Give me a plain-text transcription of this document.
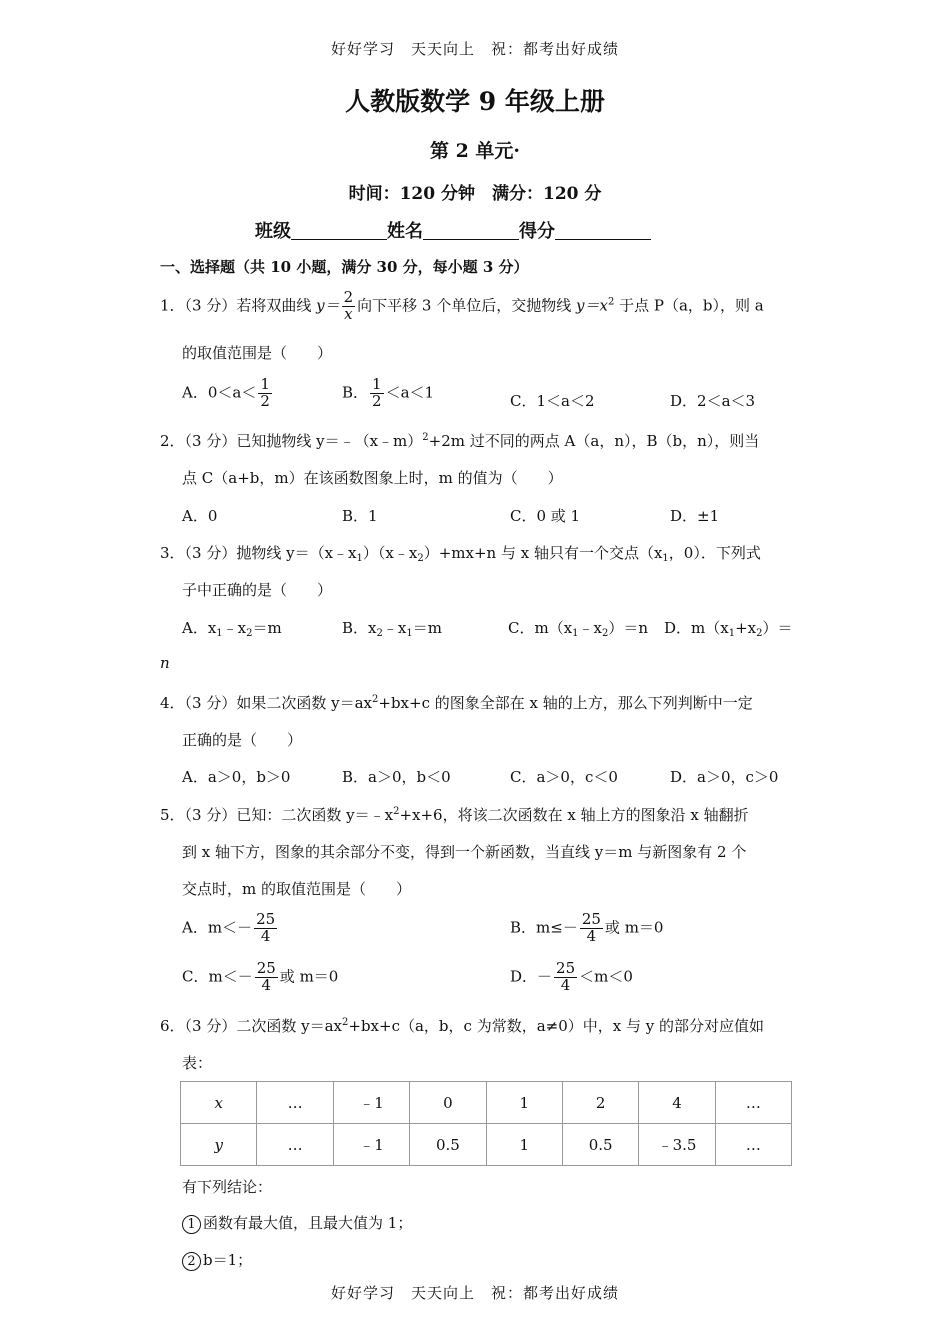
好好学习　天天向上　祝：都考出好成绩
人教版数学 9 年级上册
第 2 单元·
时间：120 分钟　满分：120 分
班级	姓名	得分
一、选择题（共 10 小题，满分 30 分，每小题 3 分）
1．（3 分）若将双曲线 $y= \frac{2}{x}$ 向下平移 3 个单位后，交抛物线 $y=x^2$ 于点 P（a，b），则 a
的取值范围是（　　）
A．$0<a< \frac{1}{2}$	B． $\frac{1}{2} <a<1$	C．1＜a＜2	D．2＜a＜3
2．（3 分）已知抛物线 y＝﹣（x﹣m）$^2$+2m 过不同的两点 A（a，n），B（b，n），则当
点 C（a+b，m）在该函数图象上时，m 的值为（　　）
A．0	B．1	C．0 或 1	D．±1
3．（3 分）抛物线 $y=(x﹣x_1)(x﹣x_2)+mx+n$ 与 x 轴只有一个交点（$x_1$，0）．下列式
子中正确的是（　　）
A．$x_1﹣x_2=m$	B．$x_2﹣x_1=m$	C．$m(x_1﹣x_2)=n$ D．$m(x_1+x_2)=$
n
4．（3 分）如果二次函数 $y=ax^2+bx+c$ 的图象全部在 x 轴的上方，那么下列判断中一定
正确的是（　　）
A．a＞0，b＞0	B．a＞0，b＜0	C．a＞0，c＜0	D．a＞0，c＞0
5．（3 分）已知：二次函数 $y=﹣x^2+x+6$，将该二次函数在 x 轴上方的图象沿 x 轴翻折
到 x 轴下方，图象的其余部分不变，得到一个新函数，当直线 y＝m 与新图象有 2 个
交点时，m 的取值范围是（　　）
A．$m<- \frac{25}{4}$	B．$m\le- \frac{25}{4}$ 或 m＝0
C．$m<- \frac{25}{4}$ 或 m＝0	D．－ $\frac{25}{4} <m<0$
6．（3 分）二次函数 $y=ax^2+bx+c(a$，b，c 为常数，a≠0）中，x 与 y 的部分对应值如
表：
x	…	﹣1	0	1	2	4	…
y	…	﹣1	0.5	1	0.5	﹣3.5	…
有下列结论：
1 函数有最大值，且最大值为 1；
2 b＝1；
好好学习　天天向上　祝：都考出好成绩
